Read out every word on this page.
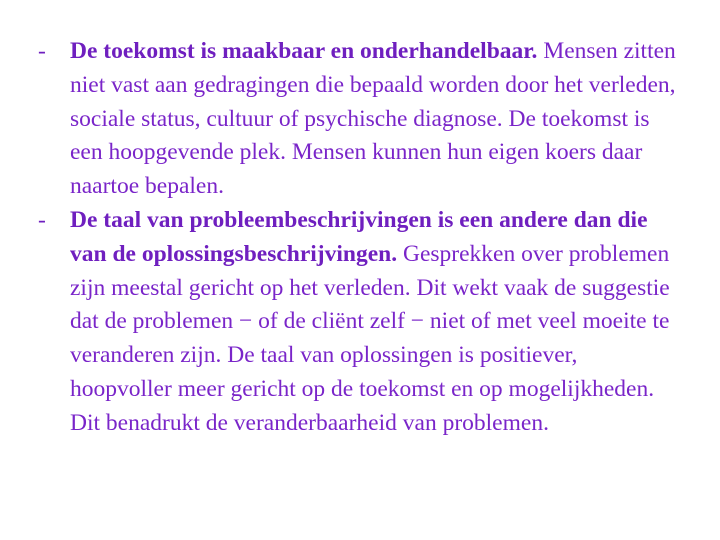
-	De toekomst is maakbaar en onderhandelbaar. Mensen zitten niet vast aan gedragingen die bepaald worden door het verleden, sociale status, cultuur of psychische diagnose. De toekomst is een hoopgevende plek. Mensen kunnen hun eigen koers daar naartoe bepalen.
-	De taal van probleembeschrijvingen is een andere dan die van de oplossingsbeschrijvingen. Gesprekken over problemen zijn meestal gericht op het verleden. Dit wekt vaak de suggestie dat de problemen − of de cliënt zelf − niet of met veel moeite te veranderen zijn. De taal van oplossingen is positiever, hoopvoller meer gericht op de toekomst en op mogelijkheden. Dit benadrukt de veranderbaarheid van problemen.
